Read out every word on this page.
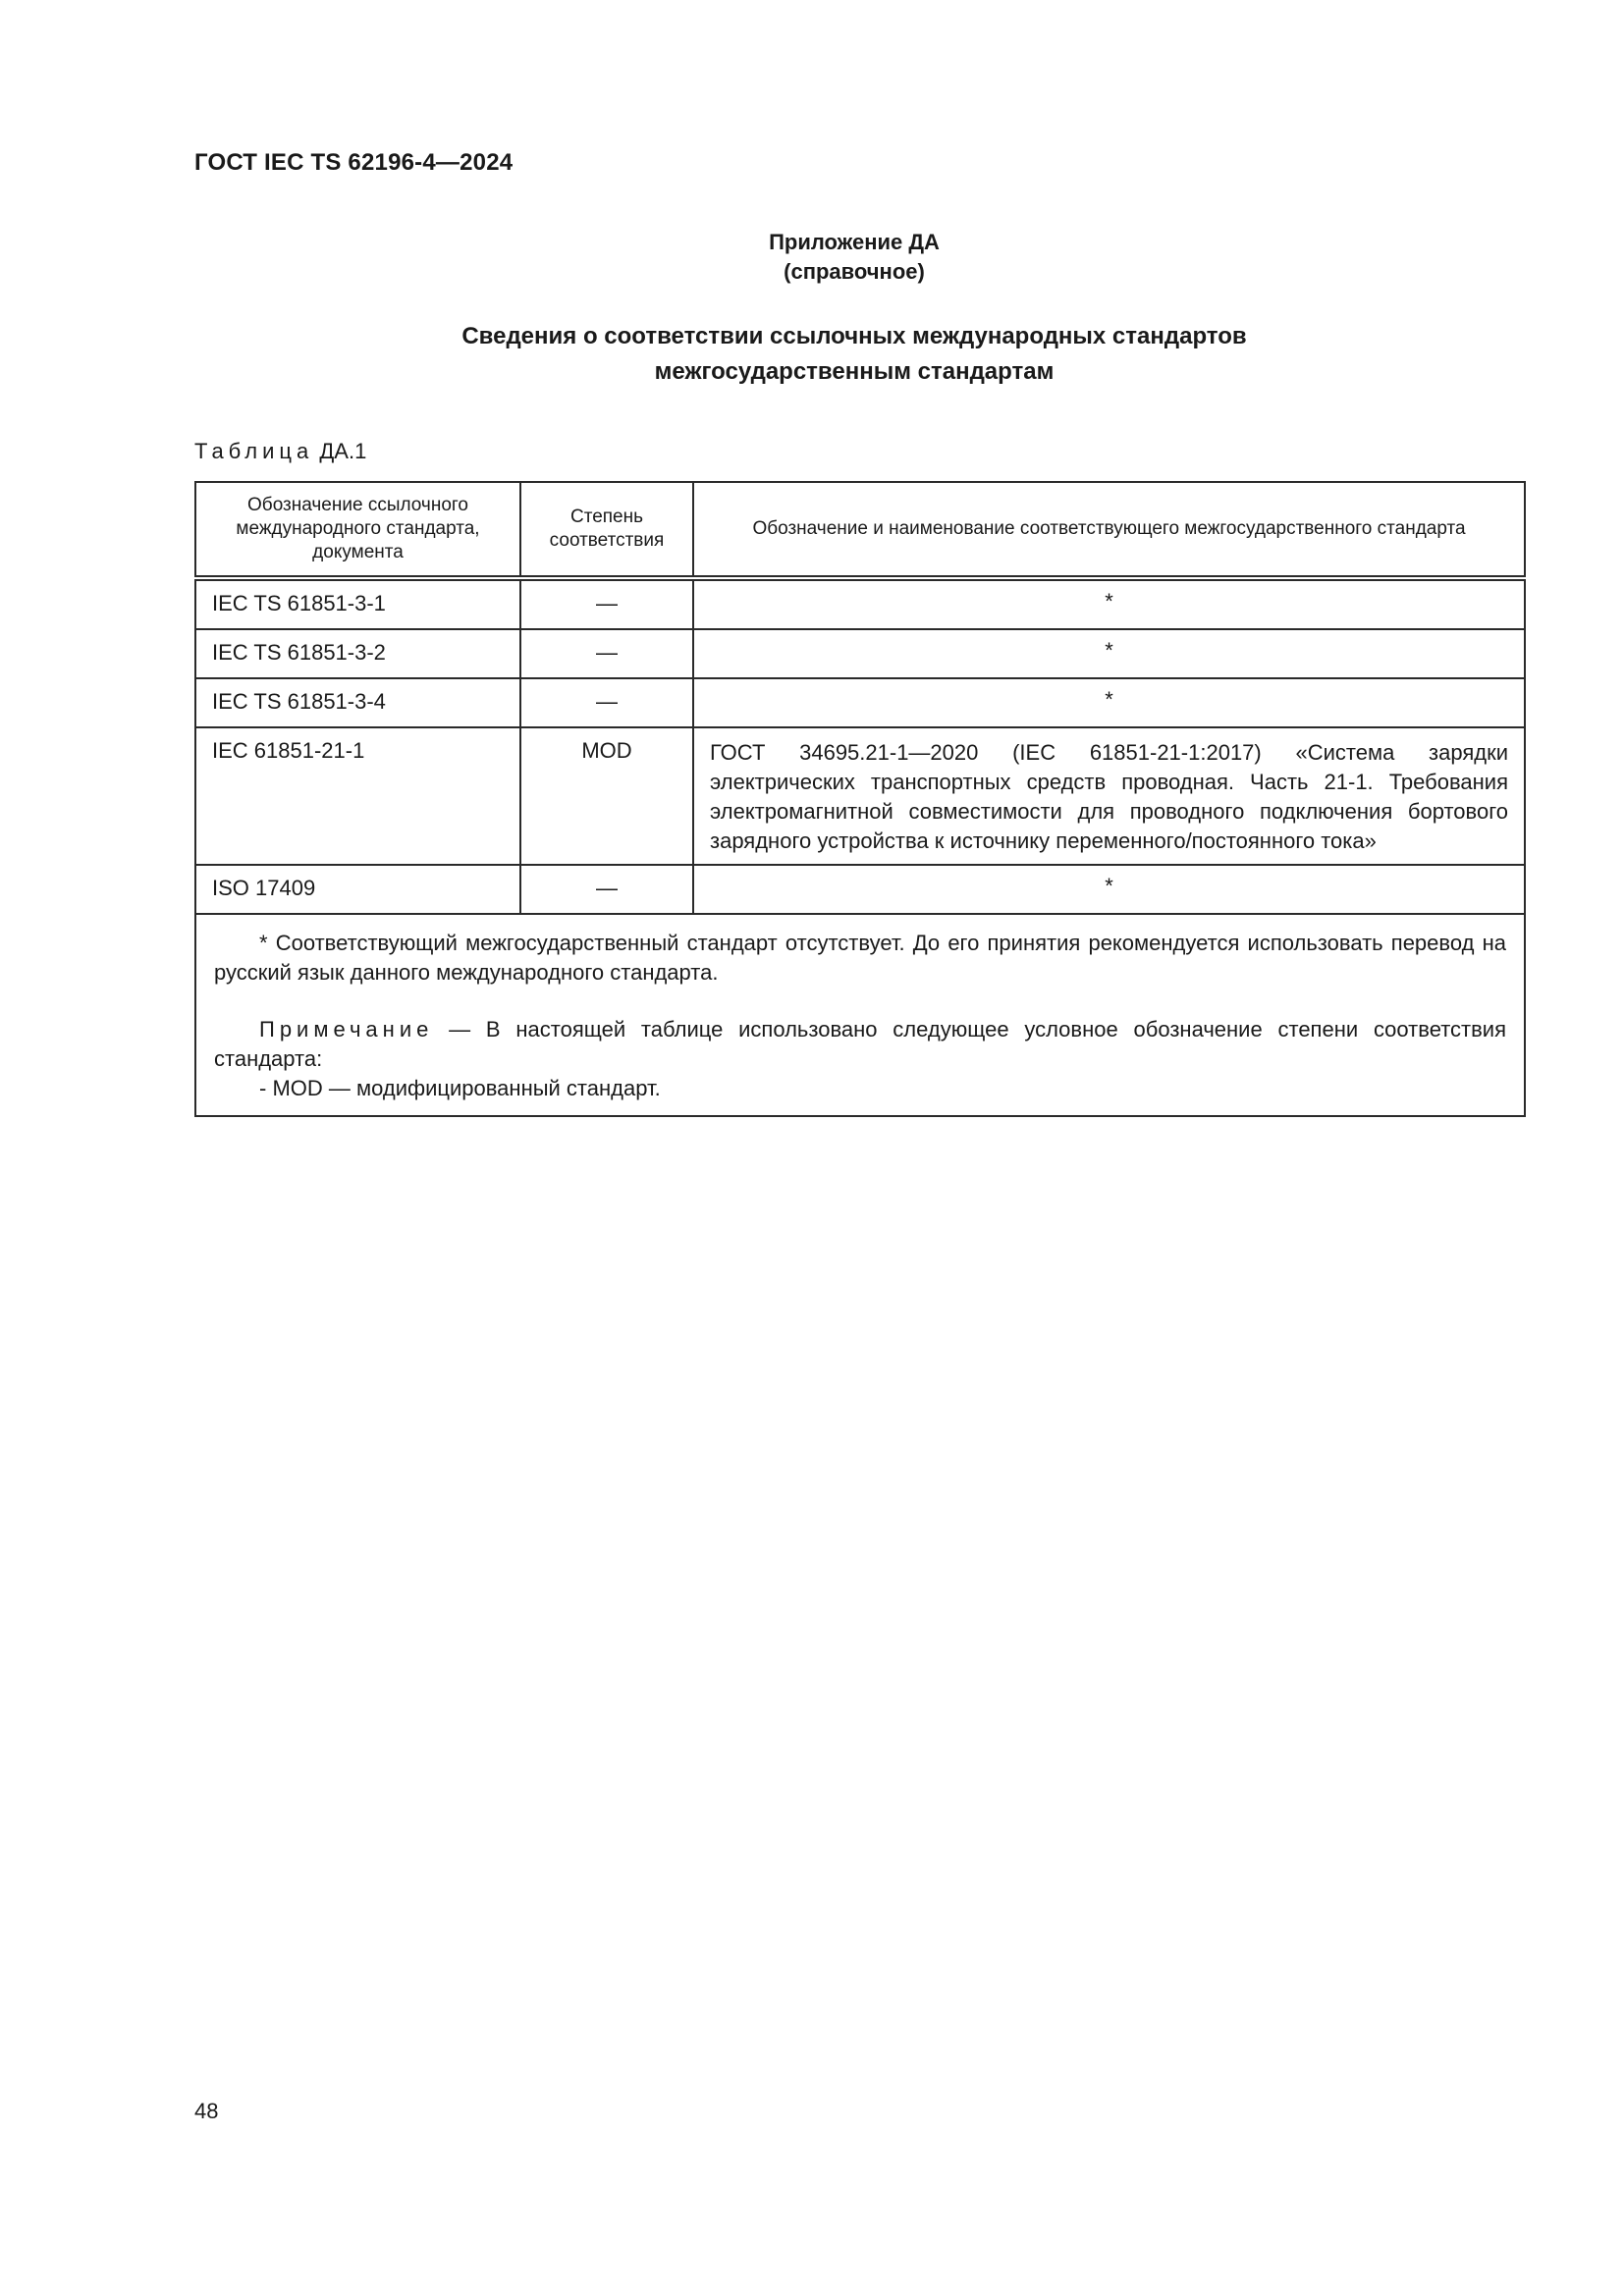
ГОСТ IEC TS 62196-4—2024
Приложение ДА
(справочное)
Сведения о соответствии ссылочных международных стандартов
межгосударственным стандартам
Таблица ДА.1
Обозначение ссылочного международного стандарта, документа	Степень соответствия	Обозначение и наименование соответствующего межгосударственного стандарта

IEC TS 61851-3-1	—	*
IEC TS 61851-3-2	—	*
IEC TS 61851-3-4	—	*
IEC 61851-21-1	MOD	ГОСТ 34695.21-1—2020 (IEC 61851-21-1:2017) «Система зарядки электрических транспортных средств проводная. Часть 21-1. Требования электромагнитной совместимости для проводного подключения бортового зарядного устройства к источнику переменного/постоянного тока»
ISO 17409	—	*

* Соответствующий межгосударственный стандарт отсутствует. До его принятия рекомендуется использовать перевод на русский язык данного международного стандарта.
Примечание — В настоящей таблице использовано следующее условное обозначение степени соответствия стандарта:
- MOD — модифицированный стандарт.		
48
